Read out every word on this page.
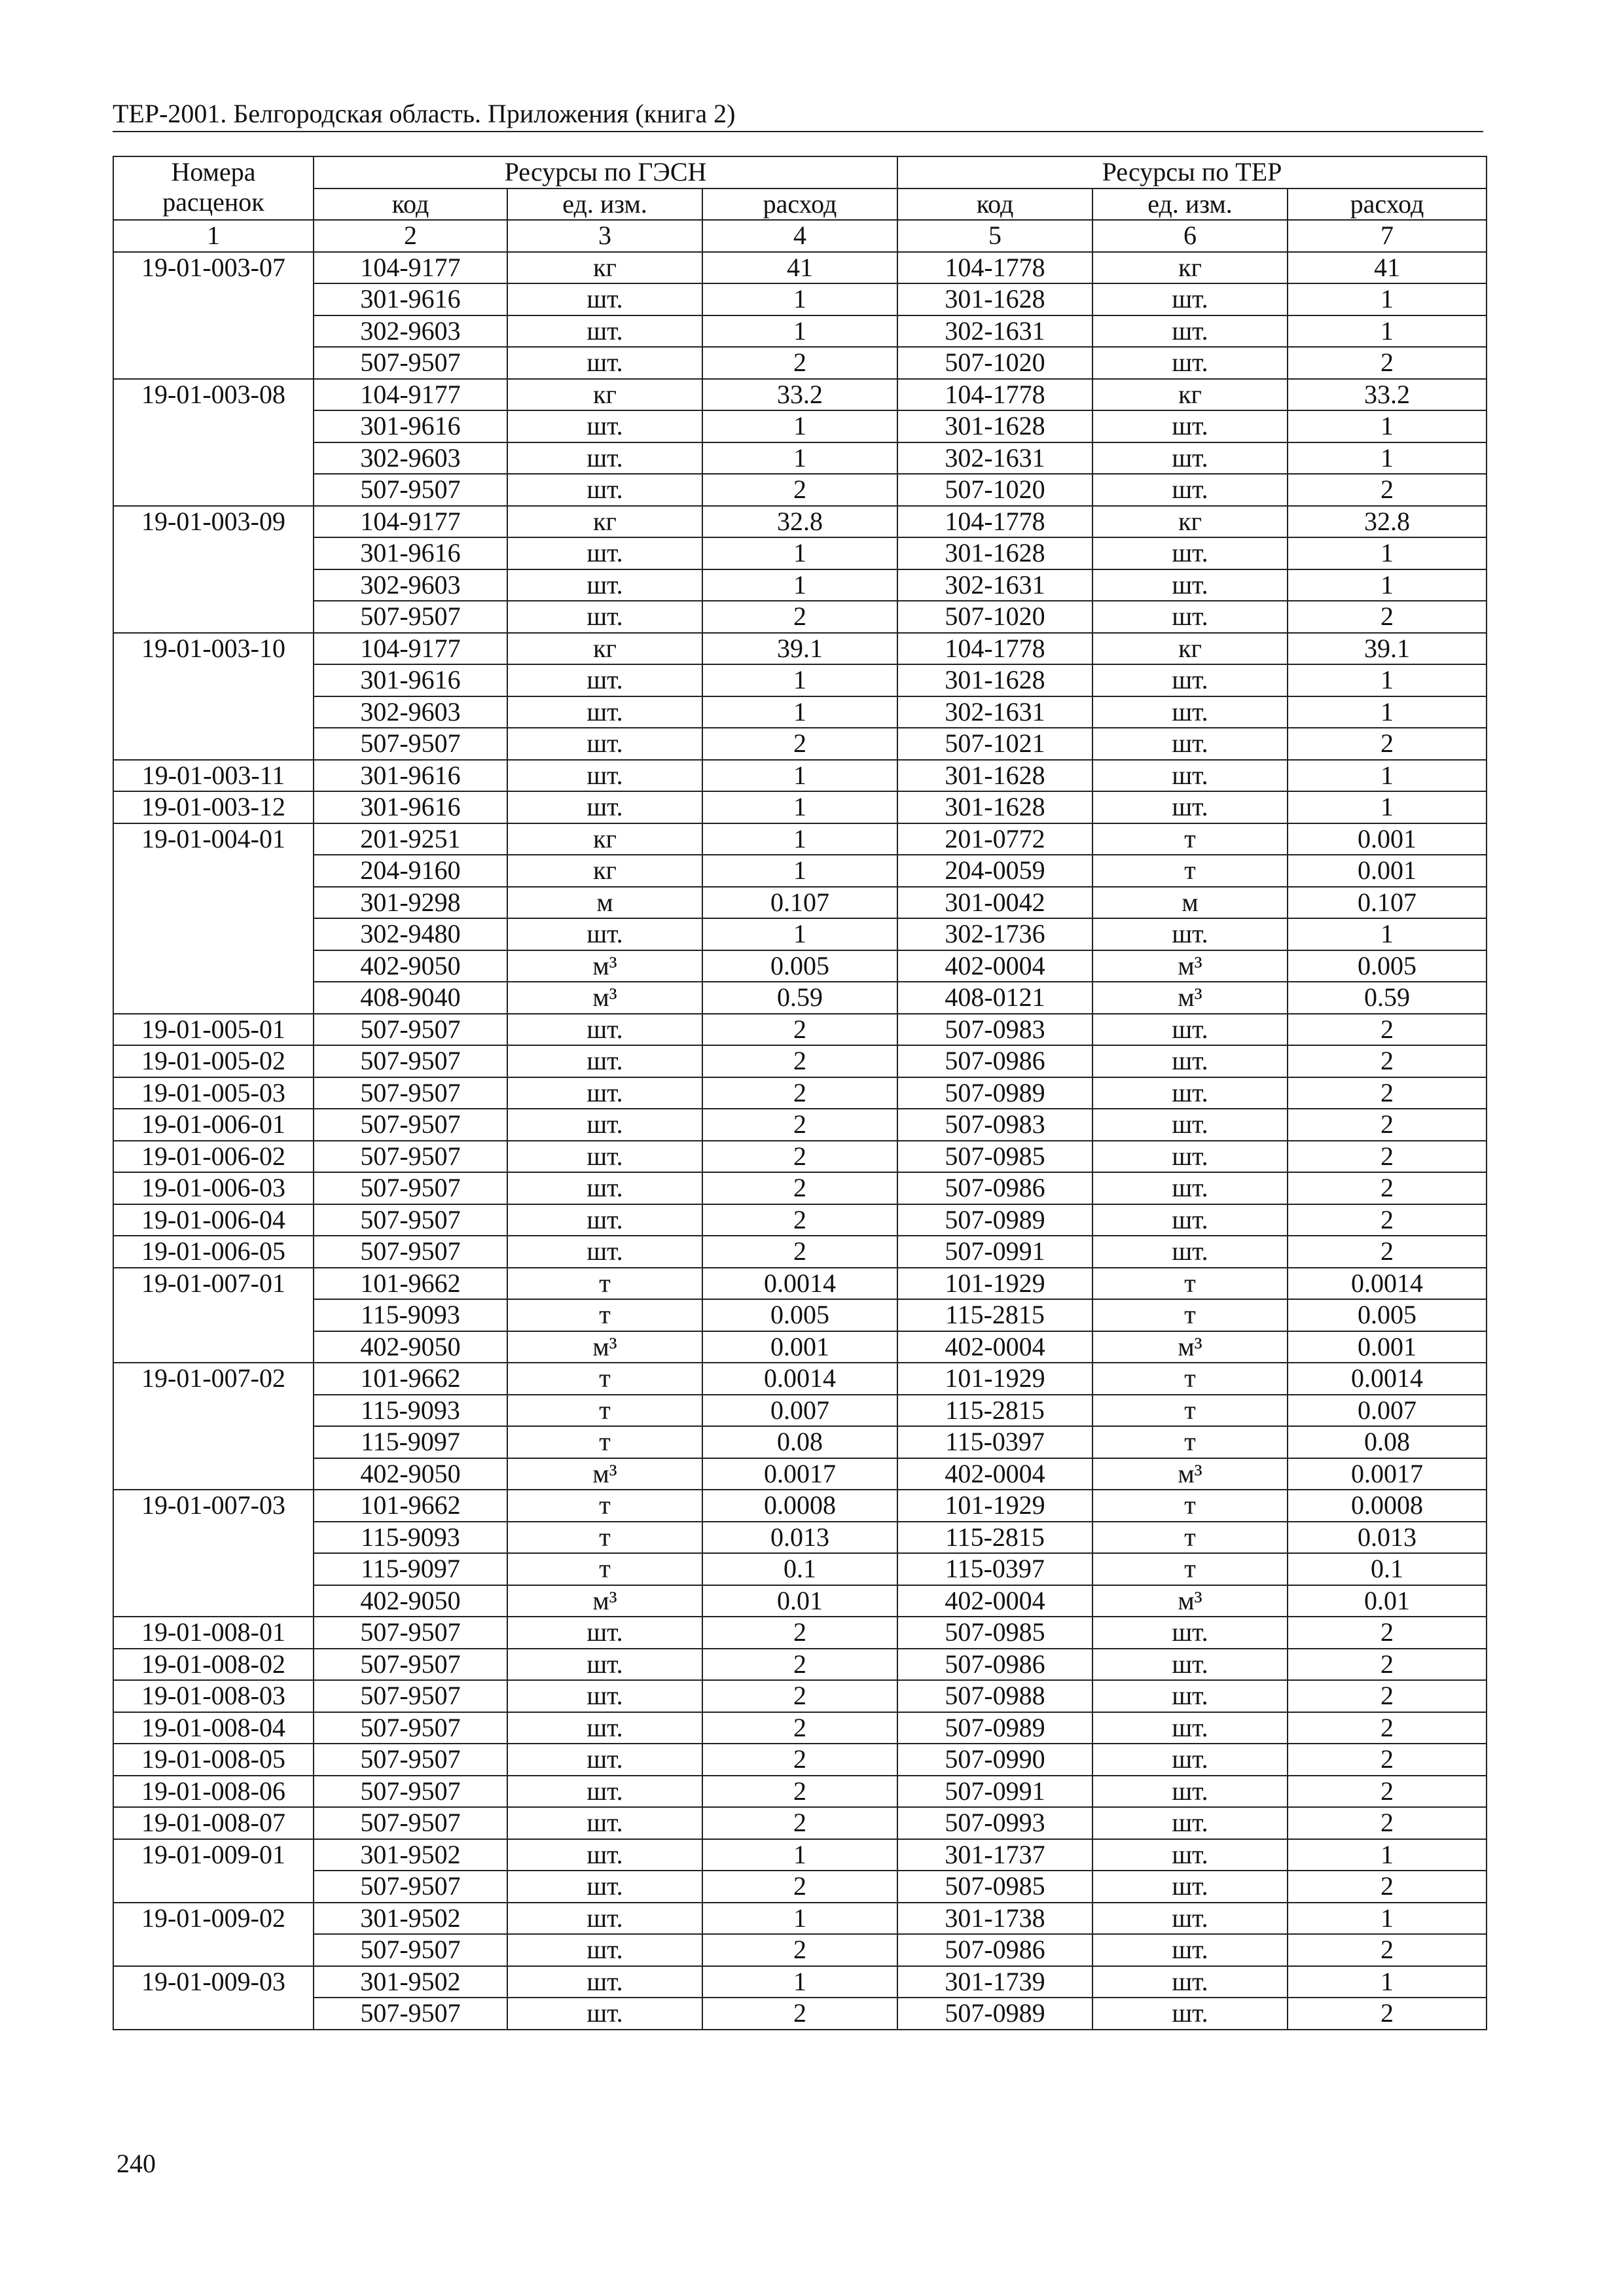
ТЕР-2001. Белгородская область. Приложения (книга 2)
Номера
расценок	Ресурсы по ГЭСН			Ресурсы по ТЕР		
	код	ед. изм.	расход	код	ед. изм.	расход
1	2	3	4	5	6	7
19-01-003-07	104-9177	кг	41	104-1778	кг	41
	301-9616	шт.	1	301-1628	шт.	1
	302-9603	шт.	1	302-1631	шт.	1
	507-9507	шт.	2	507-1020	шт.	2
19-01-003-08	104-9177	кг	33.2	104-1778	кг	33.2
	301-9616	шт.	1	301-1628	шт.	1
	302-9603	шт.	1	302-1631	шт.	1
	507-9507	шт.	2	507-1020	шт.	2
19-01-003-09	104-9177	кг	32.8	104-1778	кг	32.8
	301-9616	шт.	1	301-1628	шт.	1
	302-9603	шт.	1	302-1631	шт.	1
	507-9507	шт.	2	507-1020	шт.	2
19-01-003-10	104-9177	кг	39.1	104-1778	кг	39.1
	301-9616	шт.	1	301-1628	шт.	1
	302-9603	шт.	1	302-1631	шт.	1
	507-9507	шт.	2	507-1021	шт.	2
19-01-003-11	301-9616	шт.	1	301-1628	шт.	1
19-01-003-12	301-9616	шт.	1	301-1628	шт.	1
19-01-004-01	201-9251	кг	1	201-0772	т	0.001
	204-9160	кг	1	204-0059	т	0.001
	301-9298	м	0.107	301-0042	м	0.107
	302-9480	шт.	1	302-1736	шт.	1
	402-9050	м³	0.005	402-0004	м³	0.005
	408-9040	м³	0.59	408-0121	м³	0.59
19-01-005-01	507-9507	шт.	2	507-0983	шт.	2
19-01-005-02	507-9507	шт.	2	507-0986	шт.	2
19-01-005-03	507-9507	шт.	2	507-0989	шт.	2
19-01-006-01	507-9507	шт.	2	507-0983	шт.	2
19-01-006-02	507-9507	шт.	2	507-0985	шт.	2
19-01-006-03	507-9507	шт.	2	507-0986	шт.	2
19-01-006-04	507-9507	шт.	2	507-0989	шт.	2
19-01-006-05	507-9507	шт.	2	507-0991	шт.	2
19-01-007-01	101-9662	т	0.0014	101-1929	т	0.0014
	115-9093	т	0.005	115-2815	т	0.005
	402-9050	м³	0.001	402-0004	м³	0.001
19-01-007-02	101-9662	т	0.0014	101-1929	т	0.0014
	115-9093	т	0.007	115-2815	т	0.007
	115-9097	т	0.08	115-0397	т	0.08
	402-9050	м³	0.0017	402-0004	м³	0.0017
19-01-007-03	101-9662	т	0.0008	101-1929	т	0.0008
	115-9093	т	0.013	115-2815	т	0.013
	115-9097	т	0.1	115-0397	т	0.1
	402-9050	м³	0.01	402-0004	м³	0.01
19-01-008-01	507-9507	шт.	2	507-0985	шт.	2
19-01-008-02	507-9507	шт.	2	507-0986	шт.	2
19-01-008-03	507-9507	шт.	2	507-0988	шт.	2
19-01-008-04	507-9507	шт.	2	507-0989	шт.	2
19-01-008-05	507-9507	шт.	2	507-0990	шт.	2
19-01-008-06	507-9507	шт.	2	507-0991	шт.	2
19-01-008-07	507-9507	шт.	2	507-0993	шт.	2
19-01-009-01	301-9502	шт.	1	301-1737	шт.	1
	507-9507	шт.	2	507-0985	шт.	2
19-01-009-02	301-9502	шт.	1	301-1738	шт.	1
	507-9507	шт.	2	507-0986	шт.	2
19-01-009-03	301-9502	шт.	1	301-1739	шт.	1
	507-9507	шт.	2	507-0989	шт.	2
240
